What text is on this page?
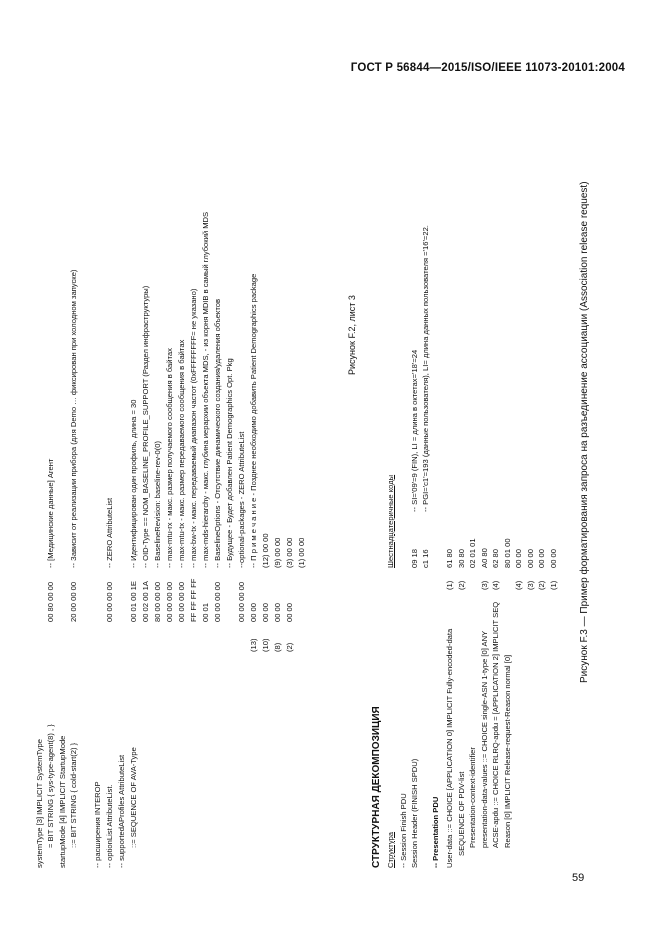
ГОСТ Р 56844—2015/ISO/IEEE 11073-20101:2004
59
systemType [3] IMPLICIT SystemType = BIT STRING { sys-type-agent(8) , }
00 80 00 00
-- [Медицинские данные] Агент
startupMode [4] IMPLICIT StartupMode ::= BIT STRING { cold-start(2) }
20 00 00 00
-- Зависит от реализации прибора (для Demo … фиксирован при холодном запуске)
-- расширения INTEROP -- optionList AttributeList.
00 00 00 00
-- ZERO AttributeList
-- supportedAProfiles AttributeList ::= SEQUENCE OF AVA-Type
00 01 00 1E
-- Идентифицирован один профиль, длина = 30
00 02 00 1A
-- OID-Type == NOM_BASELINE_PROFILE_SUPPORT (Раздел инфраструктуры)
80 00 00 00
-- BaselineRevision: baseline-rev-0(0)
00 00 00 00
-- max-mtu-rx - макс. размер получаемого сообщения в байтах
00 00 00 00
-- max-mtu-tx - макс. размер передаваемого сообщения в байтах
FF FF FF FF
-- max-bw-tx - макс. передаваемый диапазон частот (0xFFFFFFFF= не указано)
00 01
-- max-mds-hierarchy - макс. глубина иерархии объекта MDS, - из корня MDIB в самый глубокий MDS
00 00 00 00
-- BaselineOptions - Отсутствие динамического создания/удаления объектов -- Будущее - Будет добавлен Patient Demographics Opt. Pkg
00 00 00 00
--optional-packages - ZERO AttributeList
(13)
00 00
-- П р и м е ч а н и е - Позднее необходимо добавить Patient Demographics package
(10)
00 00
(12) 00 00
(8)
00 00
(9) 00 00
(2)
00 00
(3) 00 00 (1) 00 00
Рисунок F.2, лист 3
СТРУКТУРНАЯ ДЕКОМПОЗИЦИЯ Структура
Шестнадцатеричные коды
-- Session Finish PDU Session Header (FINISH SPDU)
09 18
-- SI='09'=9 (FIN), LI = длина в октетах='18'=24
c1 16
-- PGI='c1'=193 (данные пользователя), LI= длина данных пользователя ='16'=22.
-- Presentation PDU User-data ::= CHOICE [APPLICATION 0] IMPLICIT Fully-encoded-data
(1)
61 80
SEQUENCE OF PDV-list
(2)
30 80
Presentation-context-identifier
02 01 01
presentation-data-values ::= CHOICE single-ASN 1-type [0] ANY
(3)
A0 80
ACSE-apdu ::= CHOICE RLRQ-apdu = [APPLICATION 2] IMPLICIT SEQ
(4)
62 80
Reason [0] IMPLICIT Release-request-Reason normal [0]
80 01 00
(4)
00 00
(3)
00 00
(2)
00 00
(1)
00 00 Рисунок F.3 — Пример форматирования запроса на разъединение ассоциации (Association release request)
